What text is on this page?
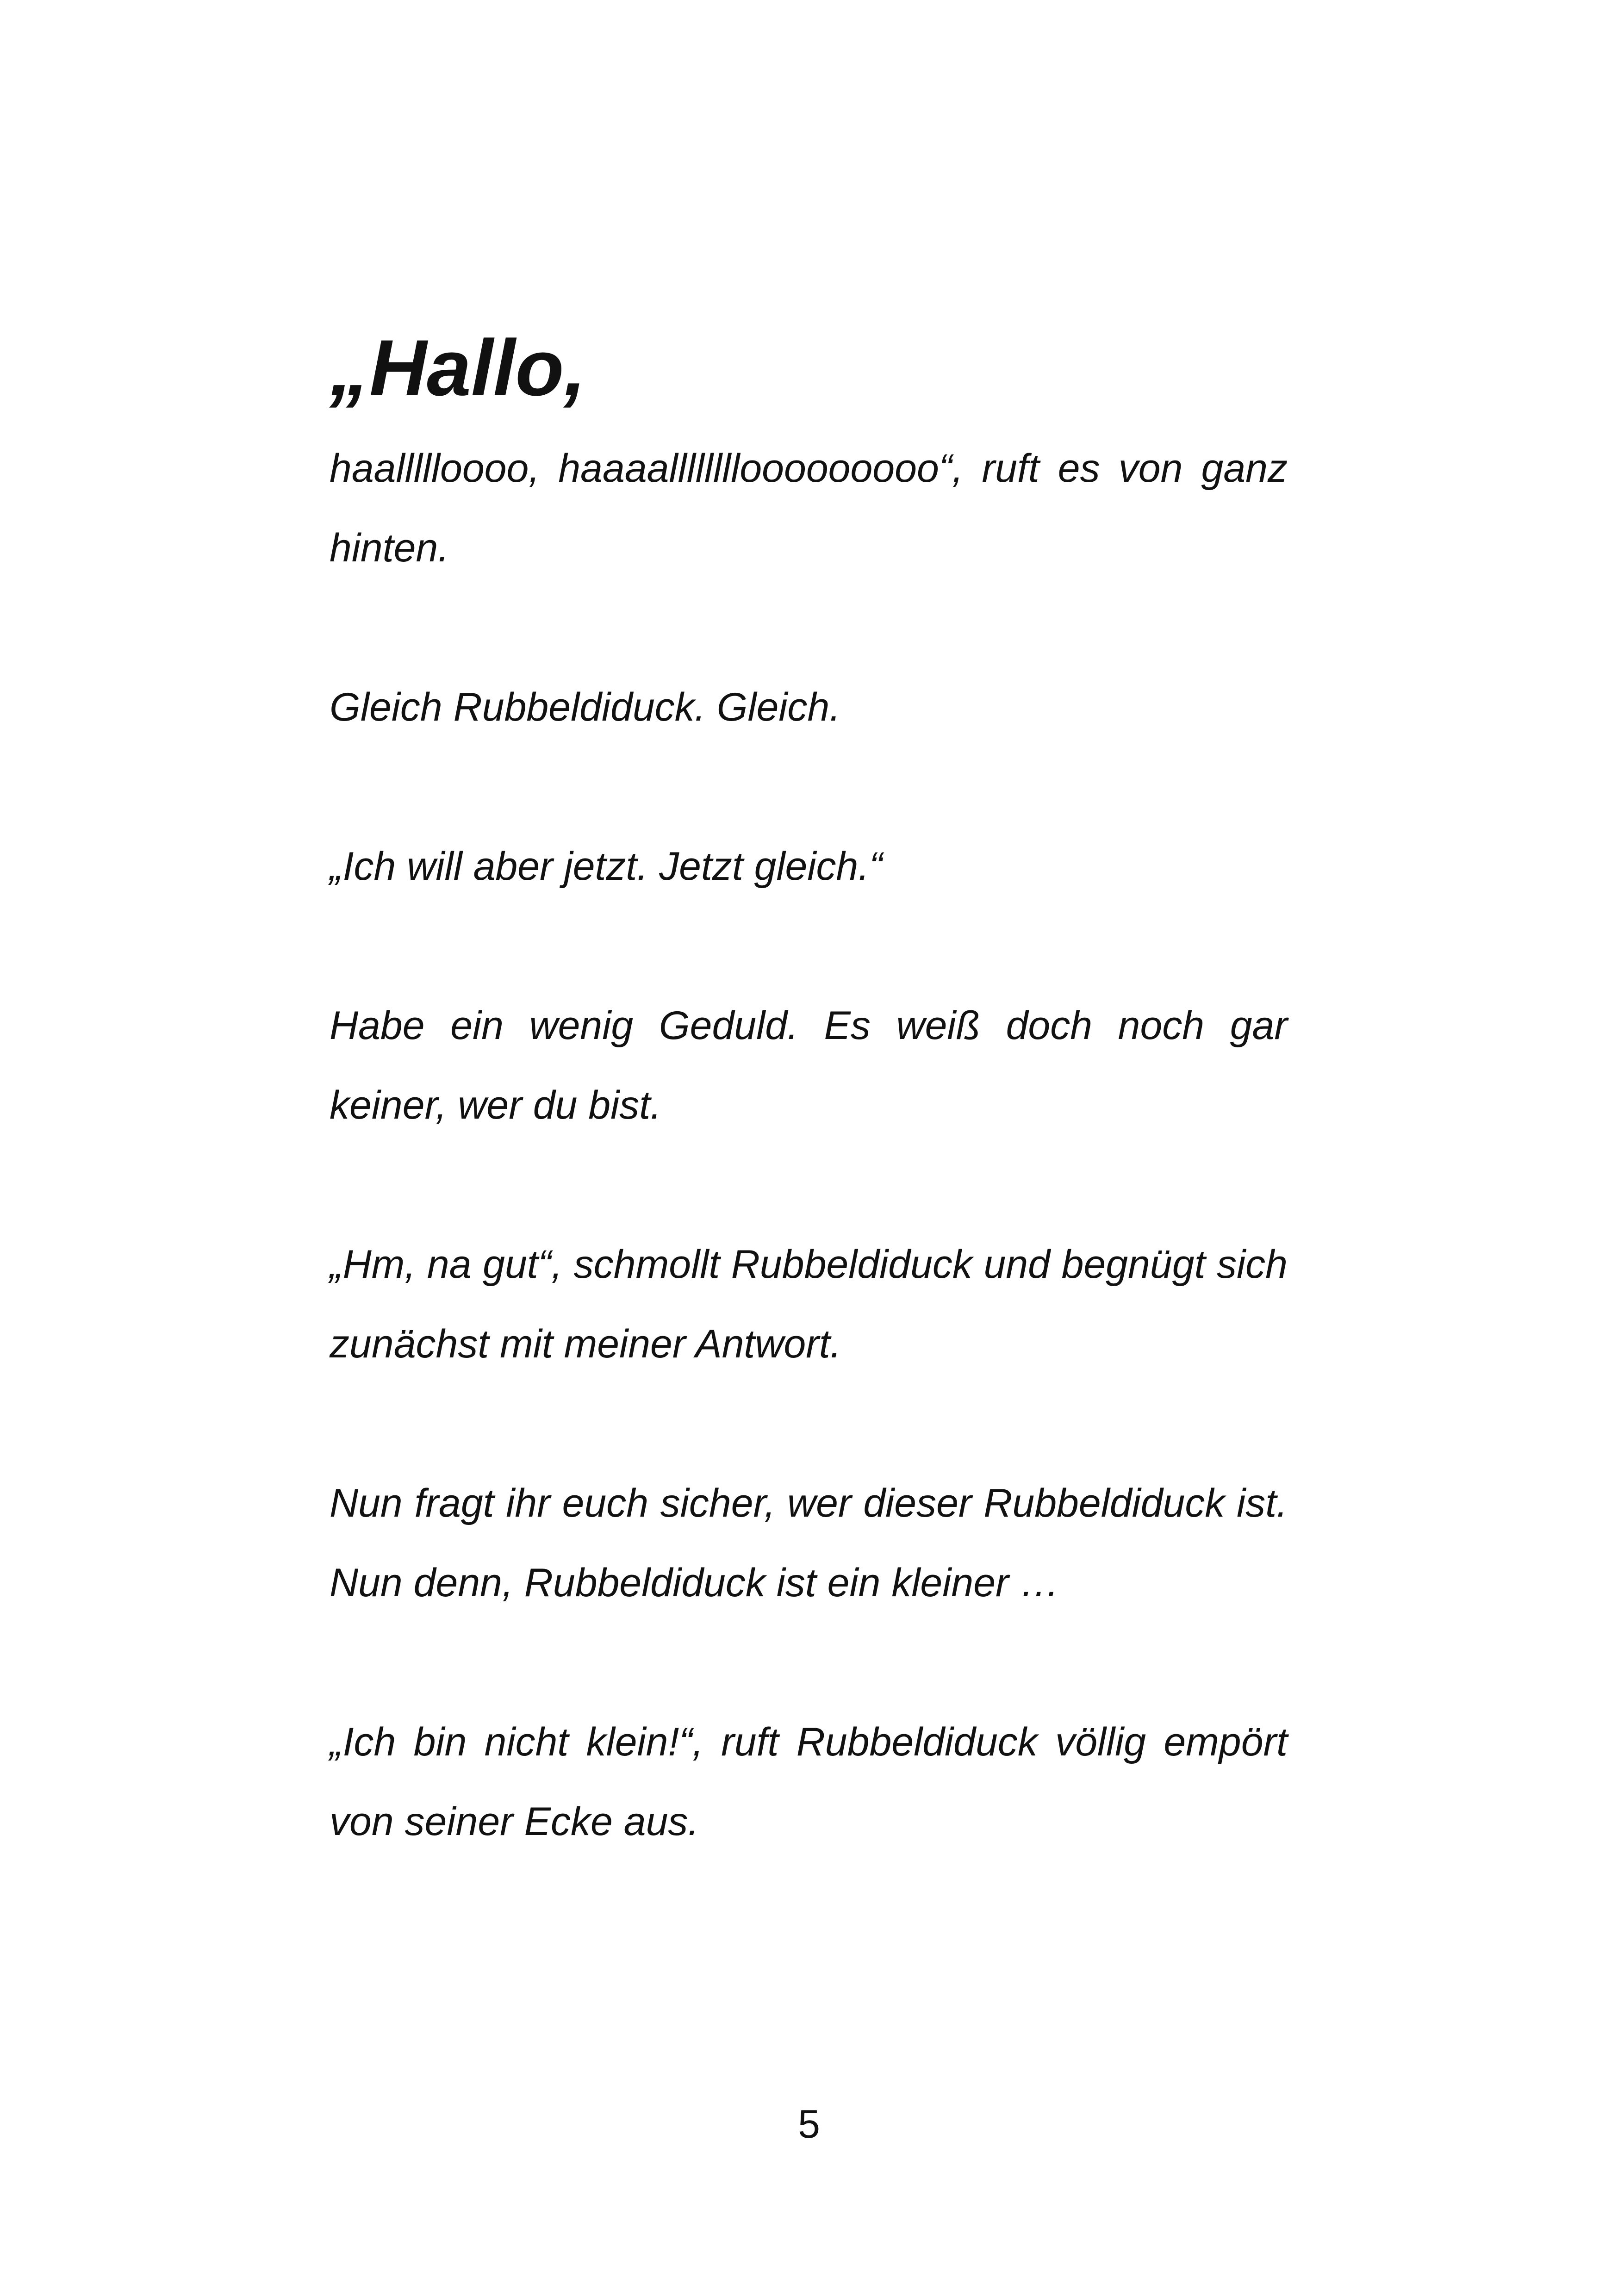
„Hallo,

haallllloooo, haaaallllllllooooooooo“, ruft es von ganz hinten.

Gleich Rubbeldiduck. Gleich.

„Ich will aber jetzt. Jetzt gleich.“

Habe ein wenig Geduld. Es weiß doch noch gar keiner, wer du bist.

„Hm, na gut“, schmollt Rubbeldiduck und begnügt sich zunächst mit meiner Antwort.

Nun fragt ihr euch sicher, wer dieser Rubbeldiduck ist. Nun denn, Rubbeldiduck ist ein kleiner …

„Ich bin nicht klein!“, ruft Rubbeldiduck völlig empört von seiner Ecke aus.

5
